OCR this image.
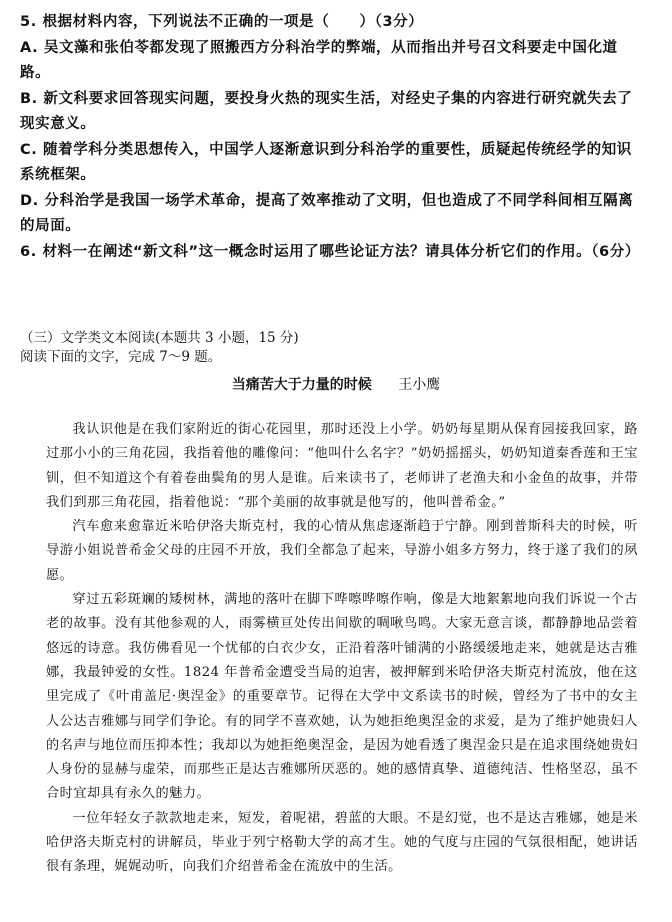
5. 根据材料内容，下列说法不正确的一项是（　　）（3分）

A. 吴文藻和张伯苓都发现了照搬西方分科治学的弊端，从而指出并号召文科要走中国化道路。

B. 新文科要求回答现实问题，要投身火热的现实生活，对经史子集的内容进行研究就失去了现实意义。

C. 随着学科分类思想传入，中国学人逐渐意识到分科治学的重要性，质疑起传统经学的知识系统框架。

D. 分科治学是我国一场学术革命，提高了效率推动了文明，但也造成了不同学科间相互隔离的局面。

6. 材料一在阐述“新文科”这一概念时运用了哪些论证方法？请具体分析它们的作用。（6分）

（三）文学类文本阅读(本题共 3 小题，15 分)

阅读下面的文字，完成 7～9 题。

当痛苦大于力量的时候 王小鹰

我认识他是在我们家附近的街心花园里，那时还没上小学。奶奶每星期从保育园接我回家，路过那小小的三角花园，我指着他的雕像问：“他叫什么名字？”奶奶摇摇头，奶奶知道秦香莲和王宝钏，但不知道这个有着卷曲鬓角的男人是谁。后来读书了，老师讲了老渔夫和小金鱼的故事，并带我们到那三角花园，指着他说：“那个美丽的故事就是他写的，他叫普希金。”

汽车愈来愈靠近米哈伊洛夫斯克村，我的心情从焦虑逐渐趋于宁静。刚到普斯科夫的时候，听导游小姐说普希金父母的庄园不开放，我们全都急了起来，导游小姐多方努力，终于遂了我们的夙愿。

穿过五彩斑斓的矮树林，满地的落叶在脚下哗嚓哗嚓作响，像是大地絮絮地向我们诉说一个古老的故事。没有其他参观的人，雨雾横亘处传出间歇的啁啾鸟鸣。大家无意言谈，都静静地品尝着悠远的诗意。我仿佛看见一个忧郁的白衣少女，正沿着落叶铺满的小路缓缓地走来，她就是达吉雅娜，我最钟爱的女性。1824 年普希金遭受当局的迫害，被押解到米哈伊洛夫斯克村流放，他在这里完成了《叶甫盖尼·奥涅金》的重要章节。记得在大学中文系读书的时候，曾经为了书中的女主人公达吉雅娜与同学们争论。有的同学不喜欢她，认为她拒绝奥涅金的求爱，是为了维护她贵妇人的名声与地位而压抑本性；我却以为她拒绝奥涅金，是因为她看透了奥涅金只是在追求围绕她贵妇人身份的显赫与虚荣，而那些正是达吉雅娜所厌恶的。她的感情真挚、道德纯洁、性格坚忍，虽不合时宜却具有永久的魅力。

一位年轻女子款款地走来，短发，着呢裙，碧蓝的大眼。不是幻觉，也不是达吉雅娜，她是米哈伊洛夫斯克村的讲解员，毕业于列宁格勒大学的高才生。她的气度与庄园的气氛很相配，她讲话很有条理，娓娓动听，向我们介绍普希金在流放中的生活。
